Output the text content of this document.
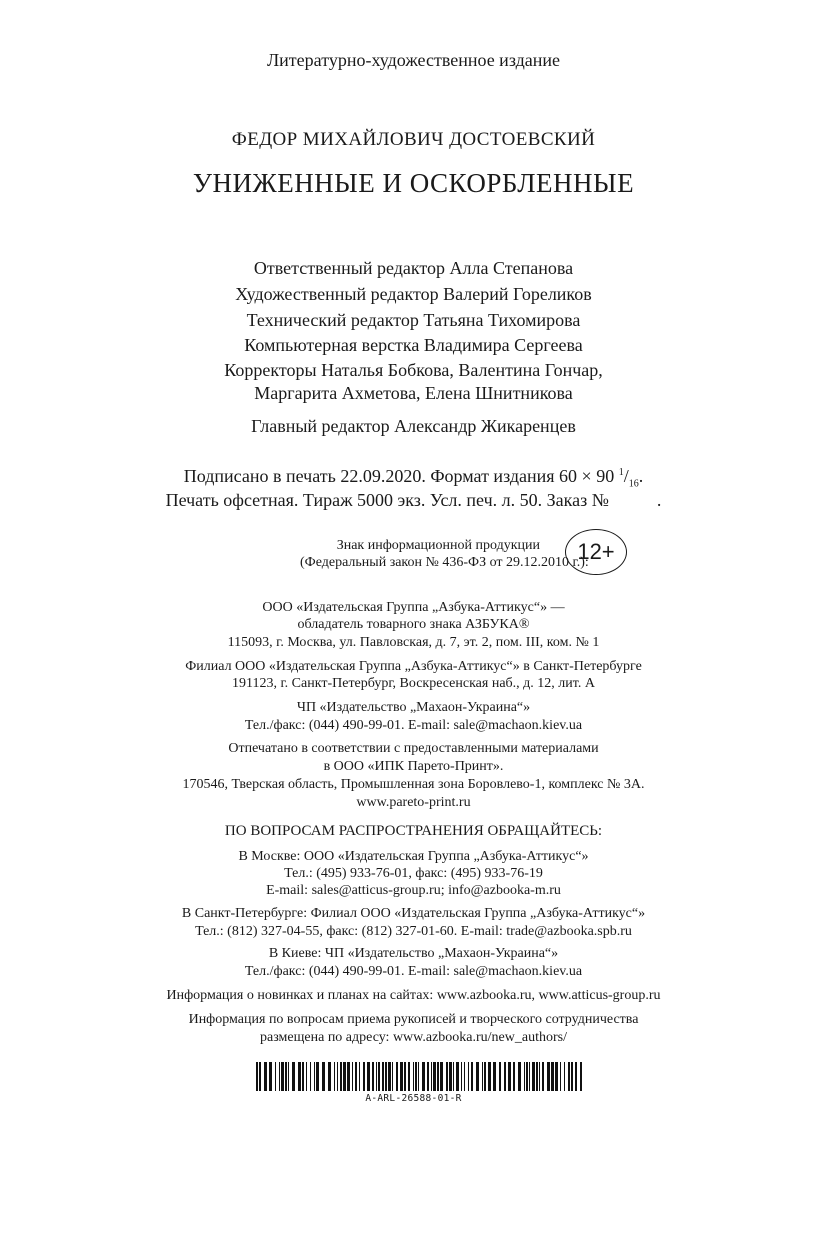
Литературно-художественное издание
ФЕДОР МИХАЙЛОВИЧ ДОСТОЕВСКИЙ
УНИЖЕННЫЕ И ОСКОРБЛЕННЫЕ
Ответственный редактор Алла Степанова
Художественный редактор Валерий Гореликов
Технический редактор Татьяна Тихомирова
Компьютерная верстка Владимира Сергеева
Корректоры Наталья Бобкова, Валентина Гончар,
Маргарита Ахметова, Елена Шнитникова
Главный редактор Александр Жикаренцев
Подписано в печать 22.09.2020. Формат издания 60 × 90 $^1/_{16}$.
Печать офсетная. Тираж 5000 экз. Усл. печ. л. 50. Заказ №	.
Знак информационной продукции
(Федеральный закон № 436-ФЗ от 29.12.2010 г.):
12+
ООО «Издательская Группа „Азбука-Аттикус“» —
обладатель товарного знака АЗБУКА®
115093, г. Москва, ул. Павловская, д. 7, эт. 2, пом. III, ком. № 1
Филиал ООО «Издательская Группа „Азбука-Аттикус“» в Санкт-Петербурге
191123, г. Санкт-Петербург, Воскресенская наб., д. 12, лит. А
ЧП «Издательство „Махаон-Украина“»
Тел./факс: (044) 490-99-01. E-mail: sale@machaon.kiev.ua
Отпечатано в соответствии с предоставленными материалами
в ООО «ИПК Парето-Принт».
170546, Тверская область, Промышленная зона Боровлево-1, комплекс № 3А.
www.pareto-print.ru
ПО ВОПРОСАМ РАСПРОСТРАНЕНИЯ ОБРАЩАЙТЕСЬ:
В Москве: ООО «Издательская Группа „Азбука-Аттикус“»
Тел.: (495) 933-76-01, факс: (495) 933-76-19
E-mail: sales@atticus-group.ru; info@azbooka-m.ru
В Санкт-Петербурге: Филиал ООО «Издательская Группа „Азбука-Аттикус“»
Тел.: (812) 327-04-55, факс: (812) 327-01-60. E-mail: trade@azbooka.spb.ru
В Киеве: ЧП «Издательство „Махаон-Украина“»
Тел./факс: (044) 490-99-01. E-mail: sale@machaon.kiev.ua
Информация о новинках и планах на сайтах: www.azbooka.ru, www.atticus-group.ru
Информация по вопросам приема рукописей и творческого сотрудничества
размещена по адресу: www.azbooka.ru/new_authors/
A-ARL-26588-01-R
